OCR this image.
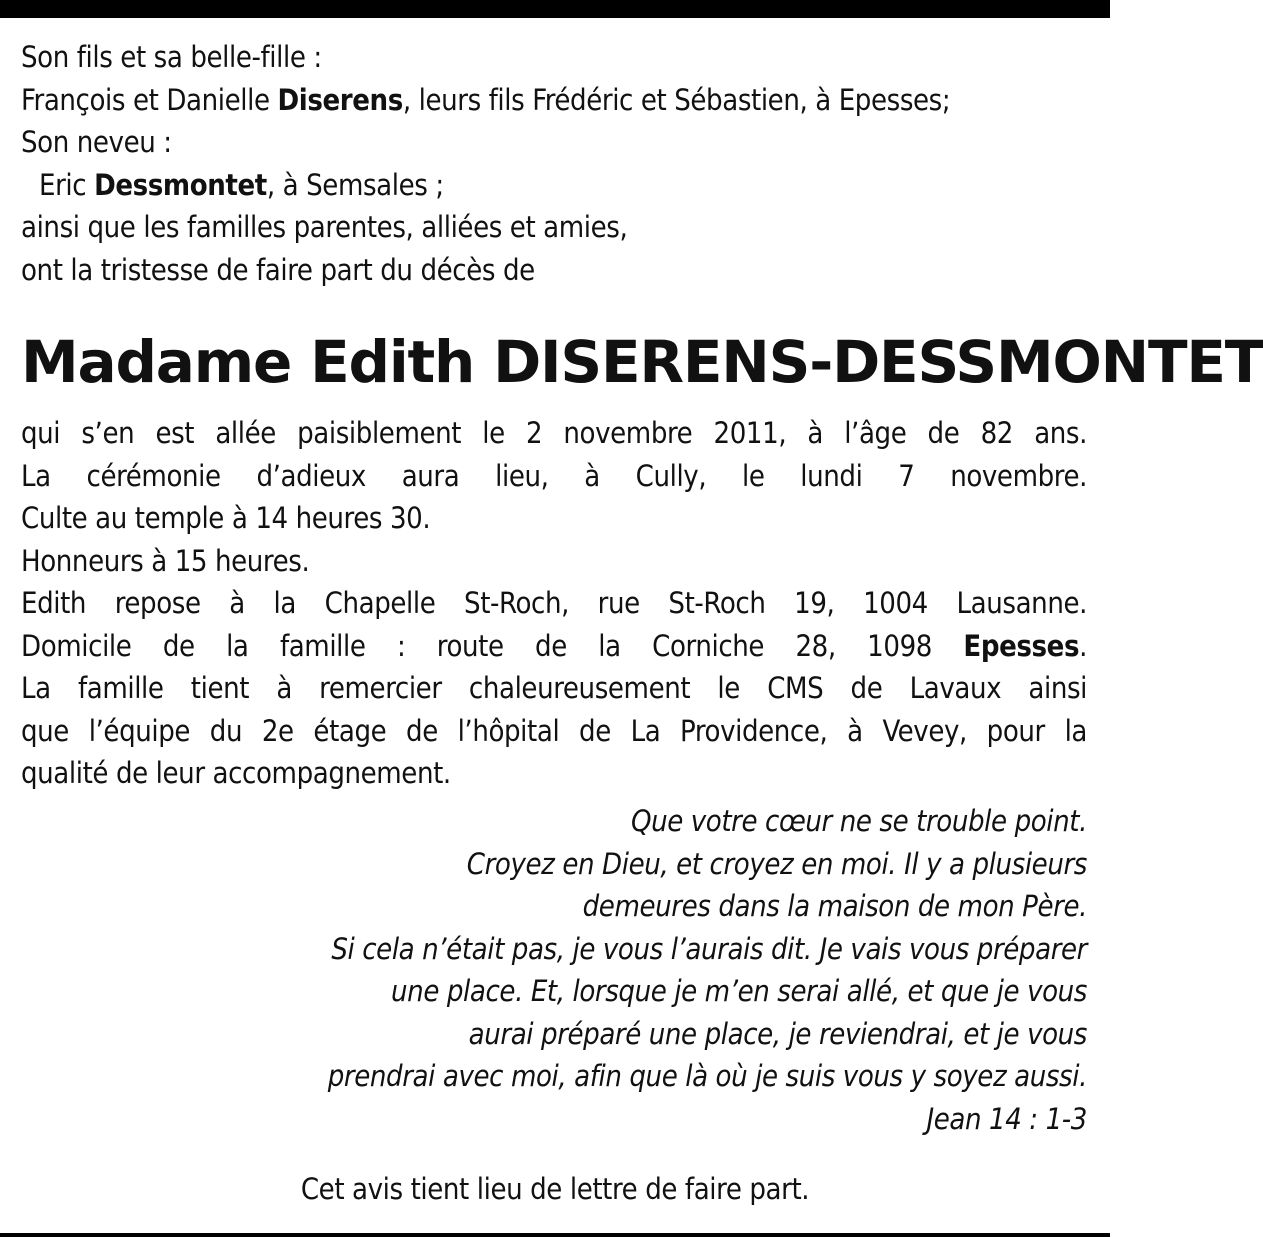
Son fils et sa belle-fille :
François et Danielle Diserens, leurs fils Frédéric et Sébastien, à Epesses;
Son neveu :
Eric Dessmontet, à Semsales ;
ainsi que les familles parentes, alliées et amies,
ont la tristesse de faire part du décès de
Madame Edith DISERENS-DESSMONTET
qui s’en est allée paisiblement le 2 novembre 2011, à l’âge de 82 ans.
La cérémonie d’adieux aura lieu, à Cully, le lundi 7 novembre.
Culte au temple à 14 heures 30.
Honneurs à 15 heures.
Edith repose à la Chapelle St-Roch, rue St-Roch 19, 1004 Lausanne.
Domicile de la famille : route de la Corniche 28, 1098 Epesses.
La famille tient à remercier chaleureusement le CMS de Lavaux ainsi
que l’équipe du 2e étage de l’hôpital de La Providence, à Vevey, pour la
qualité de leur accompagnement.
Que votre cœur ne se trouble point.
Croyez en Dieu, et croyez en moi. Il y a plusieurs
demeures dans la maison de mon Père.
Si cela n’était pas, je vous l’aurais dit. Je vais vous préparer
une place. Et, lorsque je m’en serai allé, et que je vous
aurai préparé une place, je reviendrai, et je vous
prendrai avec moi, afin que là où je suis vous y soyez aussi.
Jean 14 : 1-3
Cet avis tient lieu de lettre de faire part.
